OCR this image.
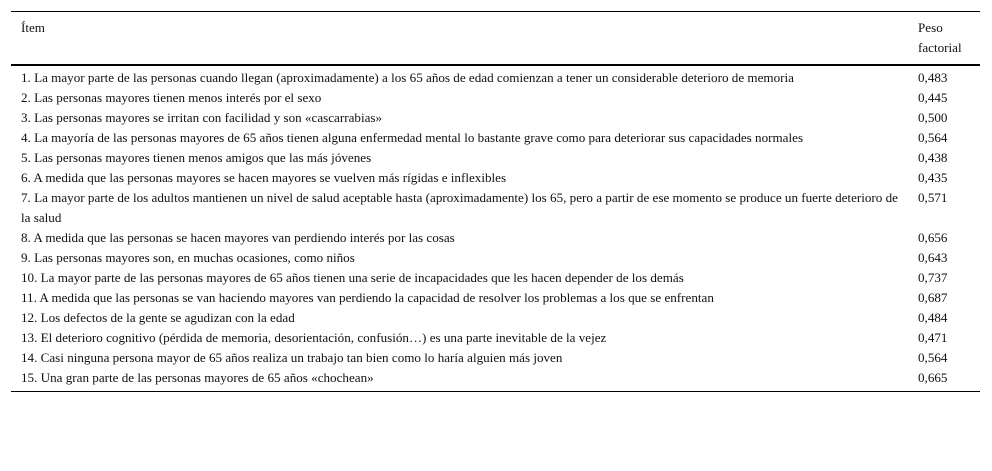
Ítem	Peso factorial
1. La mayor parte de las personas cuando llegan (aproximadamente) a los 65 años de edad comienzan a tener un considerable deterioro de memoria	0,483
2. Las personas mayores tienen menos interés por el sexo	0,445
3. Las personas mayores se irritan con facilidad y son «cascarrabias»	0,500
4. La mayoría de las personas mayores de 65 años tienen alguna enfermedad mental lo bastante grave como para deteriorar sus capacidades normales	0,564
5. Las personas mayores tienen menos amigos que las más jóvenes	0,438
6. A medida que las personas mayores se hacen mayores se vuelven más rígidas e inflexibles	0,435
7. La mayor parte de los adultos mantienen un nivel de salud aceptable hasta (aproximadamente) los 65, pero a partir de ese momento se produce un fuerte deterioro de la salud	0,571
8. A medida que las personas se hacen mayores van perdiendo interés por las cosas	0,656
9. Las personas mayores son, en muchas ocasiones, como niños	0,643
10. La mayor parte de las personas mayores de 65 años tienen una serie de incapacidades que les hacen depender de los demás	0,737
11. A medida que las personas se van haciendo mayores van perdiendo la capacidad de resolver los problemas a los que se enfrentan	0,687
12. Los defectos de la gente se agudizan con la edad	0,484
13. El deterioro cognitivo (pérdida de memoria, desorientación, confusión…) es una parte inevitable de la vejez	0,471
14. Casi ninguna persona mayor de 65 años realiza un trabajo tan bien como lo haría alguien más joven	0,564
15. Una gran parte de las personas mayores de 65 años «chochean»	0,665
